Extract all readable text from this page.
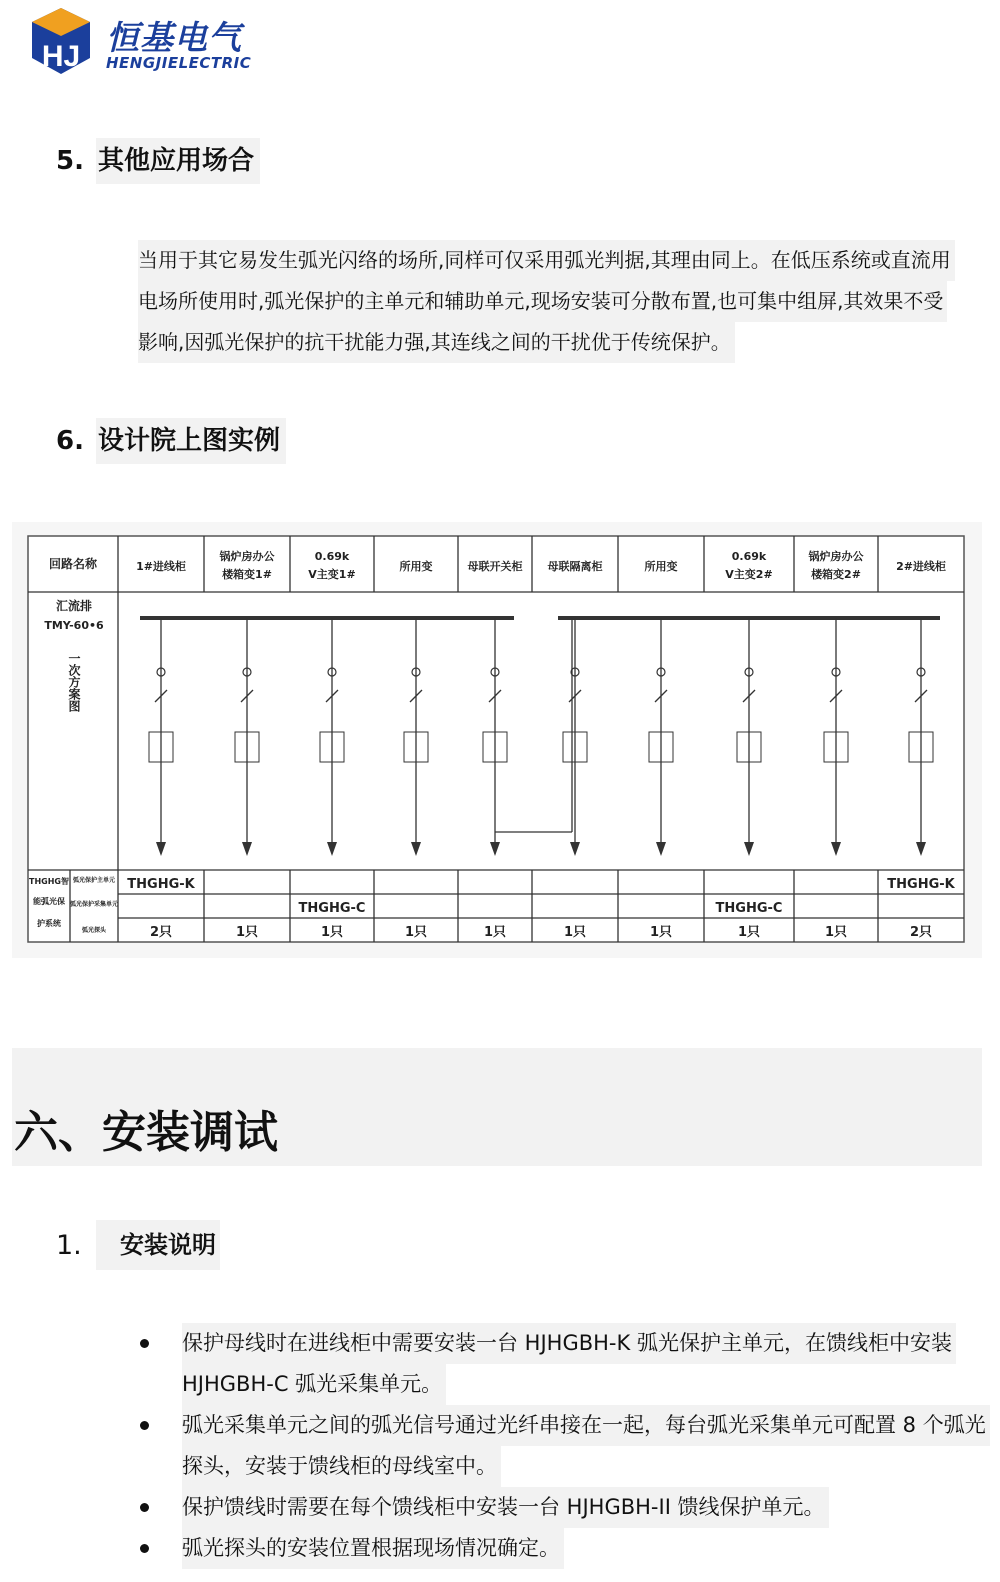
HJ 恒基电气
HENGJIELECTRIC
5. 其他应用场合
当用于其它易发生弧光闪络的场所,同样可仅采用弧光判据,其理由同上。在低压系统或直流用
电场所使用时,弧光保护的主单元和辅助单元,现场安装可分散布置,也可集中组屏,其效果不受
影响,因弧光保护的抗干扰能力强,其连线之间的干扰优于传统保护。
6. 设计院上图实例
回路名称
汇流排
TMY-60•6
一次方案图
THGHG智
能弧光保
护系统
弧光保护主单元
弧光保护采集单元
弧光探头
1#进线柜
THGHG-K
2只
锅炉房办公
楼箱变1#
1只
0.69k
V主变1#
THGHG-C
1只
所用变
1只
母联开关柜
1只
母联隔离柜
1只
所用变
1只
0.69k
V主变2#
THGHG-C
1只
锅炉房办公
楼箱变2#
1只
2#进线柜
THGHG-K
2只
六、安装调试
1.	安装说明
保护母线时在进线柜中需要安装一台 HJHGBH-K 弧光保护主单元，在馈线柜中安装
HJHGBH-C 弧光采集单元。
弧光采集单元之间的弧光信号通过光纤串接在一起，每台弧光采集单元可配置 8 个弧光
探头，安装于馈线柜的母线室中。
保护馈线时需要在每个馈线柜中安装一台 HJHGBH-II 馈线保护单元。
弧光探头的安装位置根据现场情况确定。
